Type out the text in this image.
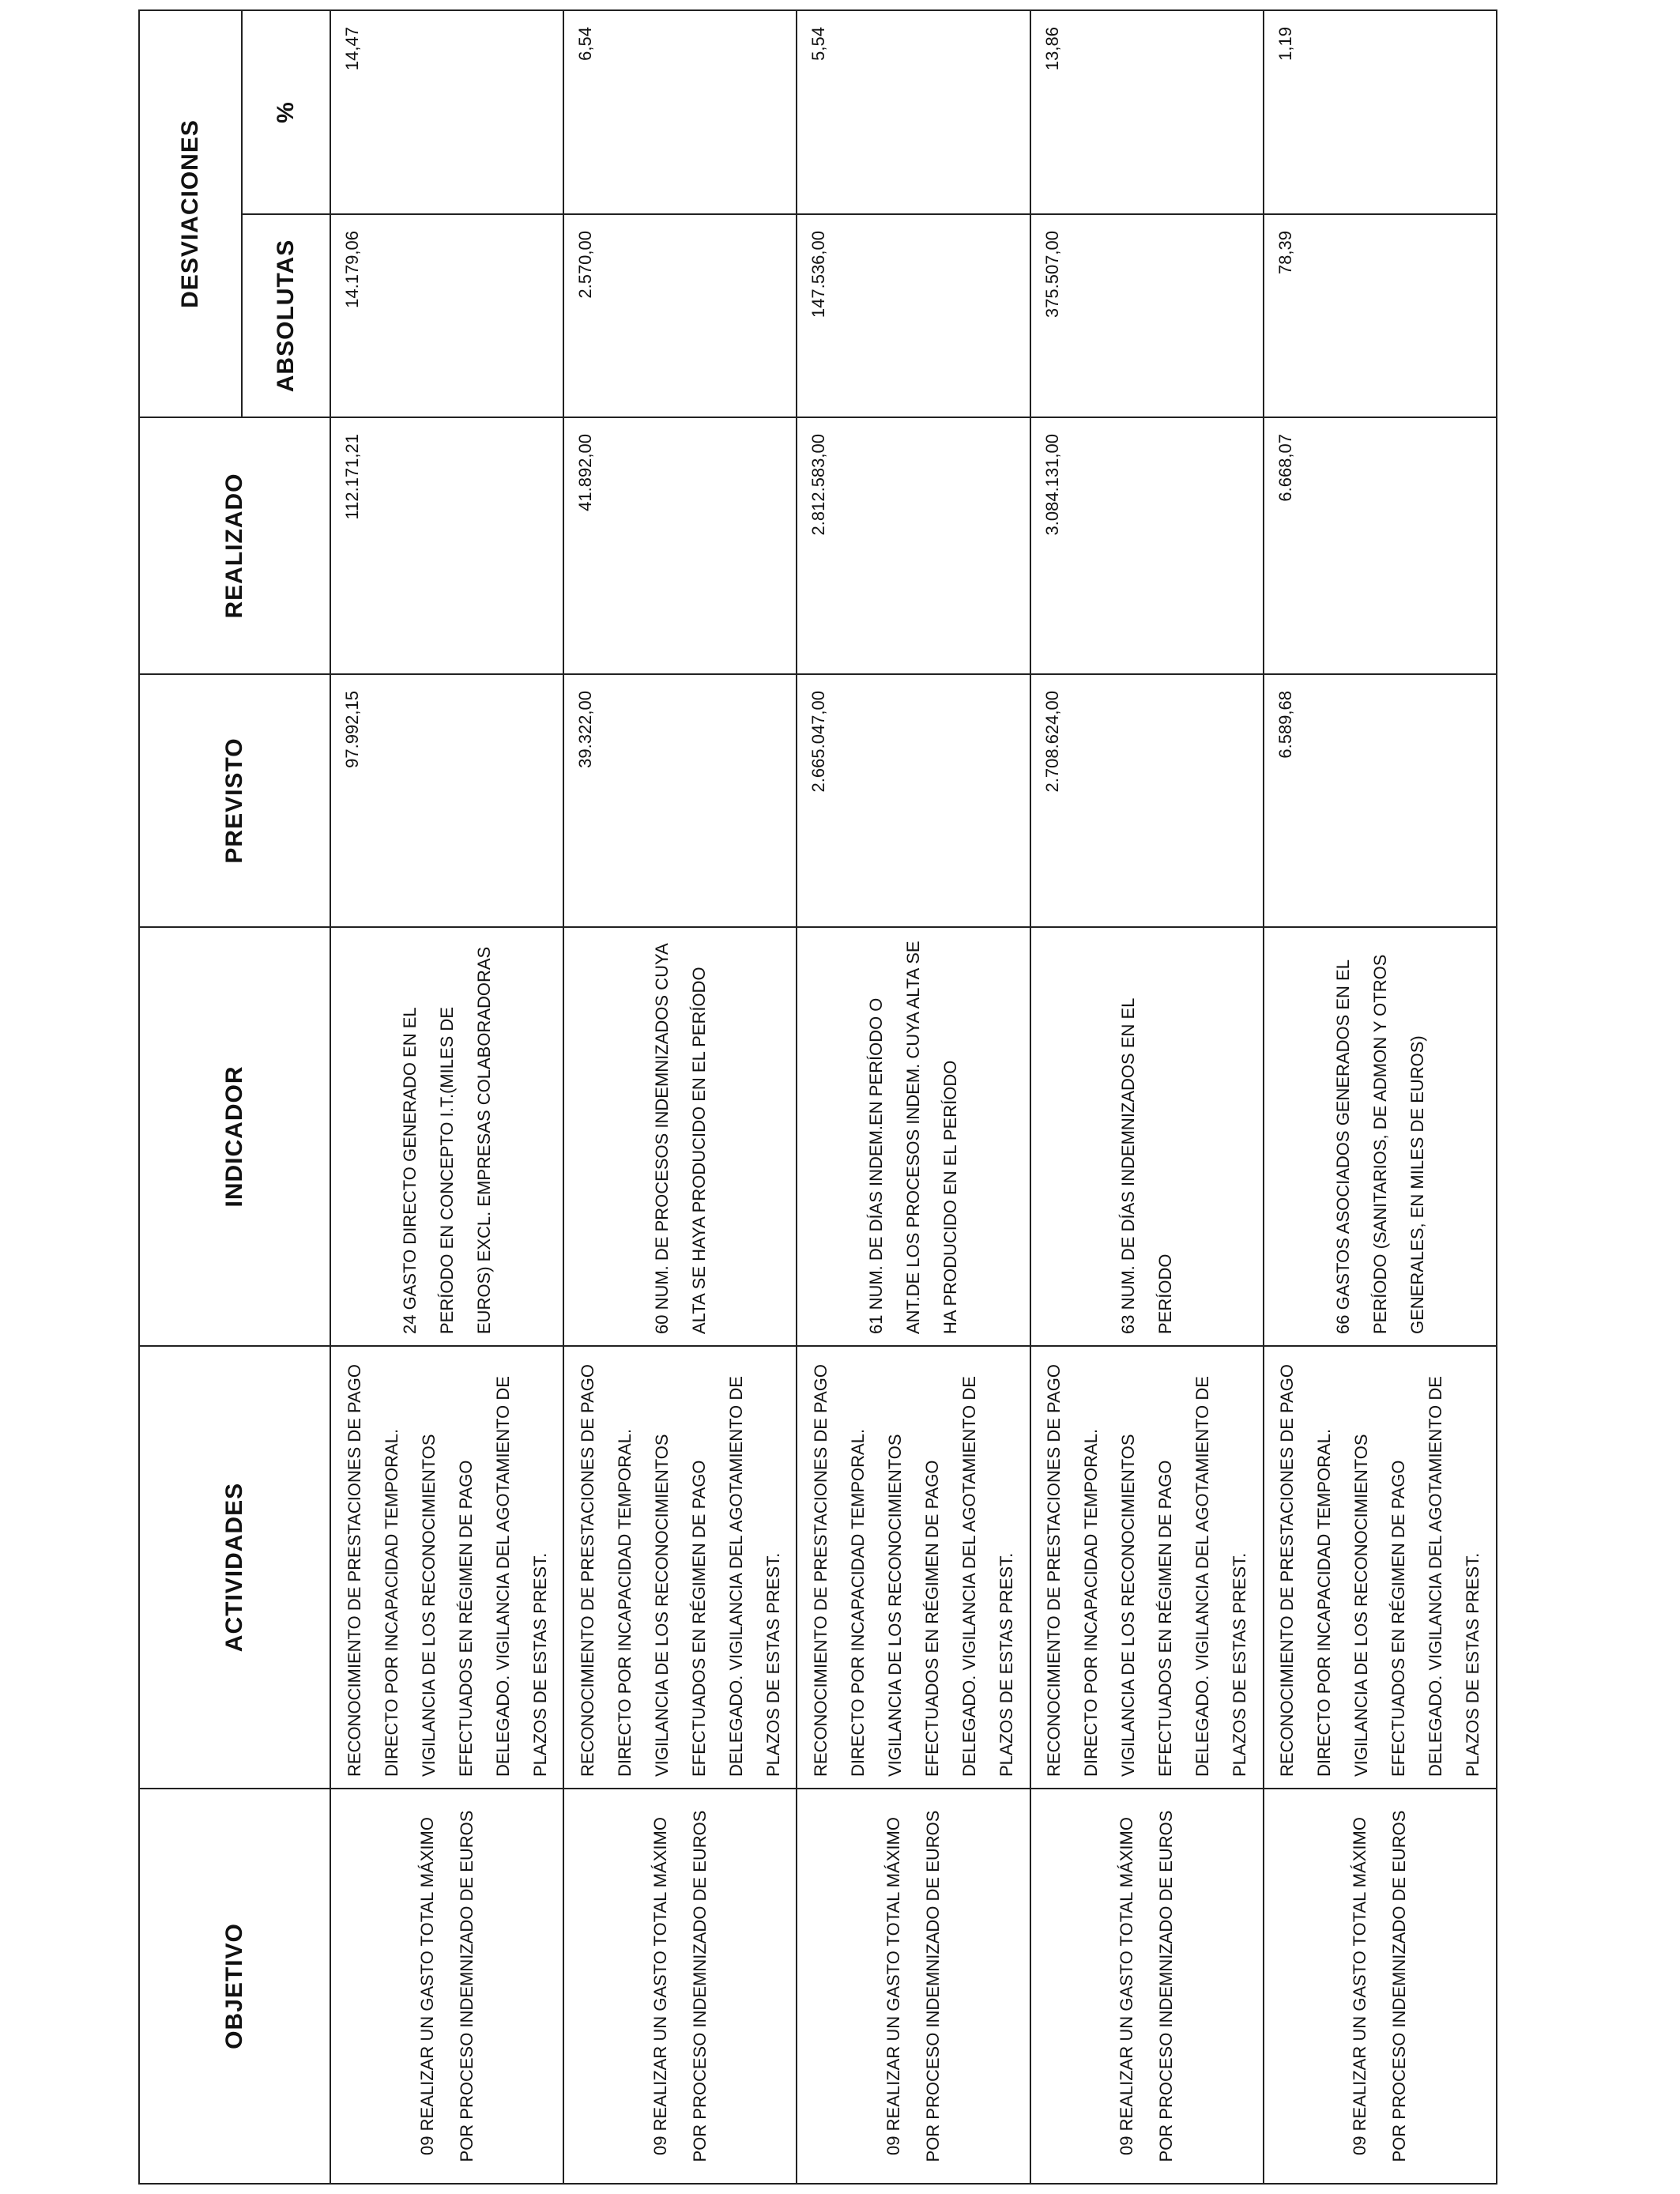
OBJETIVO	ACTIVIDADES	INDICADOR	PREVISTO	REALIZADO	DESVIACIONES	
					ABSOLUTAS	%
09 REALIZAR UN GASTO TOTAL MÁXIMO POR PROCESO INDEMNIZADO DE EUROS	RECONOCIMIENTO DE PRESTACIONES DE PAGO DIRECTO POR INCAPACIDAD TEMPORAL. VIGILANCIA DE LOS RECONOCIMIENTOS EFECTUADOS EN RÉGIMEN DE PAGO DELEGADO. VIGILANCIA DEL AGOTAMIENTO DE PLAZOS DE ESTAS PREST.	24 GASTO DIRECTO GENERADO EN EL PERÍODO EN CONCEPTO I.T.(MILES DE EUROS) EXCL. EMPRESAS COLABORADORAS	97.992,15	112.171,21	14.179,06	14,47
09 REALIZAR UN GASTO TOTAL MÁXIMO POR PROCESO INDEMNIZADO DE EUROS	RECONOCIMIENTO DE PRESTACIONES DE PAGO DIRECTO POR INCAPACIDAD TEMPORAL. VIGILANCIA DE LOS RECONOCIMIENTOS EFECTUADOS EN RÉGIMEN DE PAGO DELEGADO. VIGILANCIA DEL AGOTAMIENTO DE PLAZOS DE ESTAS PREST.	60 NUM. DE PROCESOS INDEMNIZADOS CUYA ALTA SE HAYA PRODUCIDO EN EL PERÍODO	39.322,00	41.892,00	2.570,00	6,54
09 REALIZAR UN GASTO TOTAL MÁXIMO POR PROCESO INDEMNIZADO DE EUROS	RECONOCIMIENTO DE PRESTACIONES DE PAGO DIRECTO POR INCAPACIDAD TEMPORAL. VIGILANCIA DE LOS RECONOCIMIENTOS EFECTUADOS EN RÉGIMEN DE PAGO DELEGADO. VIGILANCIA DEL AGOTAMIENTO DE PLAZOS DE ESTAS PREST.	61 NUM. DE DÍAS INDEM.EN PERÍODO O ANT.DE LOS PROCESOS INDEM. CUYA ALTA SE HA PRODUCIDO EN EL PERÍODO	2.665.047,00	2.812.583,00	147.536,00	5,54
09 REALIZAR UN GASTO TOTAL MÁXIMO POR PROCESO INDEMNIZADO DE EUROS	RECONOCIMIENTO DE PRESTACIONES DE PAGO DIRECTO POR INCAPACIDAD TEMPORAL. VIGILANCIA DE LOS RECONOCIMIENTOS EFECTUADOS EN RÉGIMEN DE PAGO DELEGADO. VIGILANCIA DEL AGOTAMIENTO DE PLAZOS DE ESTAS PREST.	63 NUM. DE DÍAS INDEMNIZADOS EN EL PERÍODO	2.708.624,00	3.084.131,00	375.507,00	13,86
09 REALIZAR UN GASTO TOTAL MÁXIMO POR PROCESO INDEMNIZADO DE EUROS	RECONOCIMIENTO DE PRESTACIONES DE PAGO DIRECTO POR INCAPACIDAD TEMPORAL. VIGILANCIA DE LOS RECONOCIMIENTOS EFECTUADOS EN RÉGIMEN DE PAGO DELEGADO. VIGILANCIA DEL AGOTAMIENTO DE PLAZOS DE ESTAS PREST.	66 GASTOS ASOCIADOS GENERADOS EN EL PERÍODO (SANITARIOS, DE ADMON Y OTROS GENERALES, EN MILES DE EUROS)	6.589,68	6.668,07	78,39	1,19
